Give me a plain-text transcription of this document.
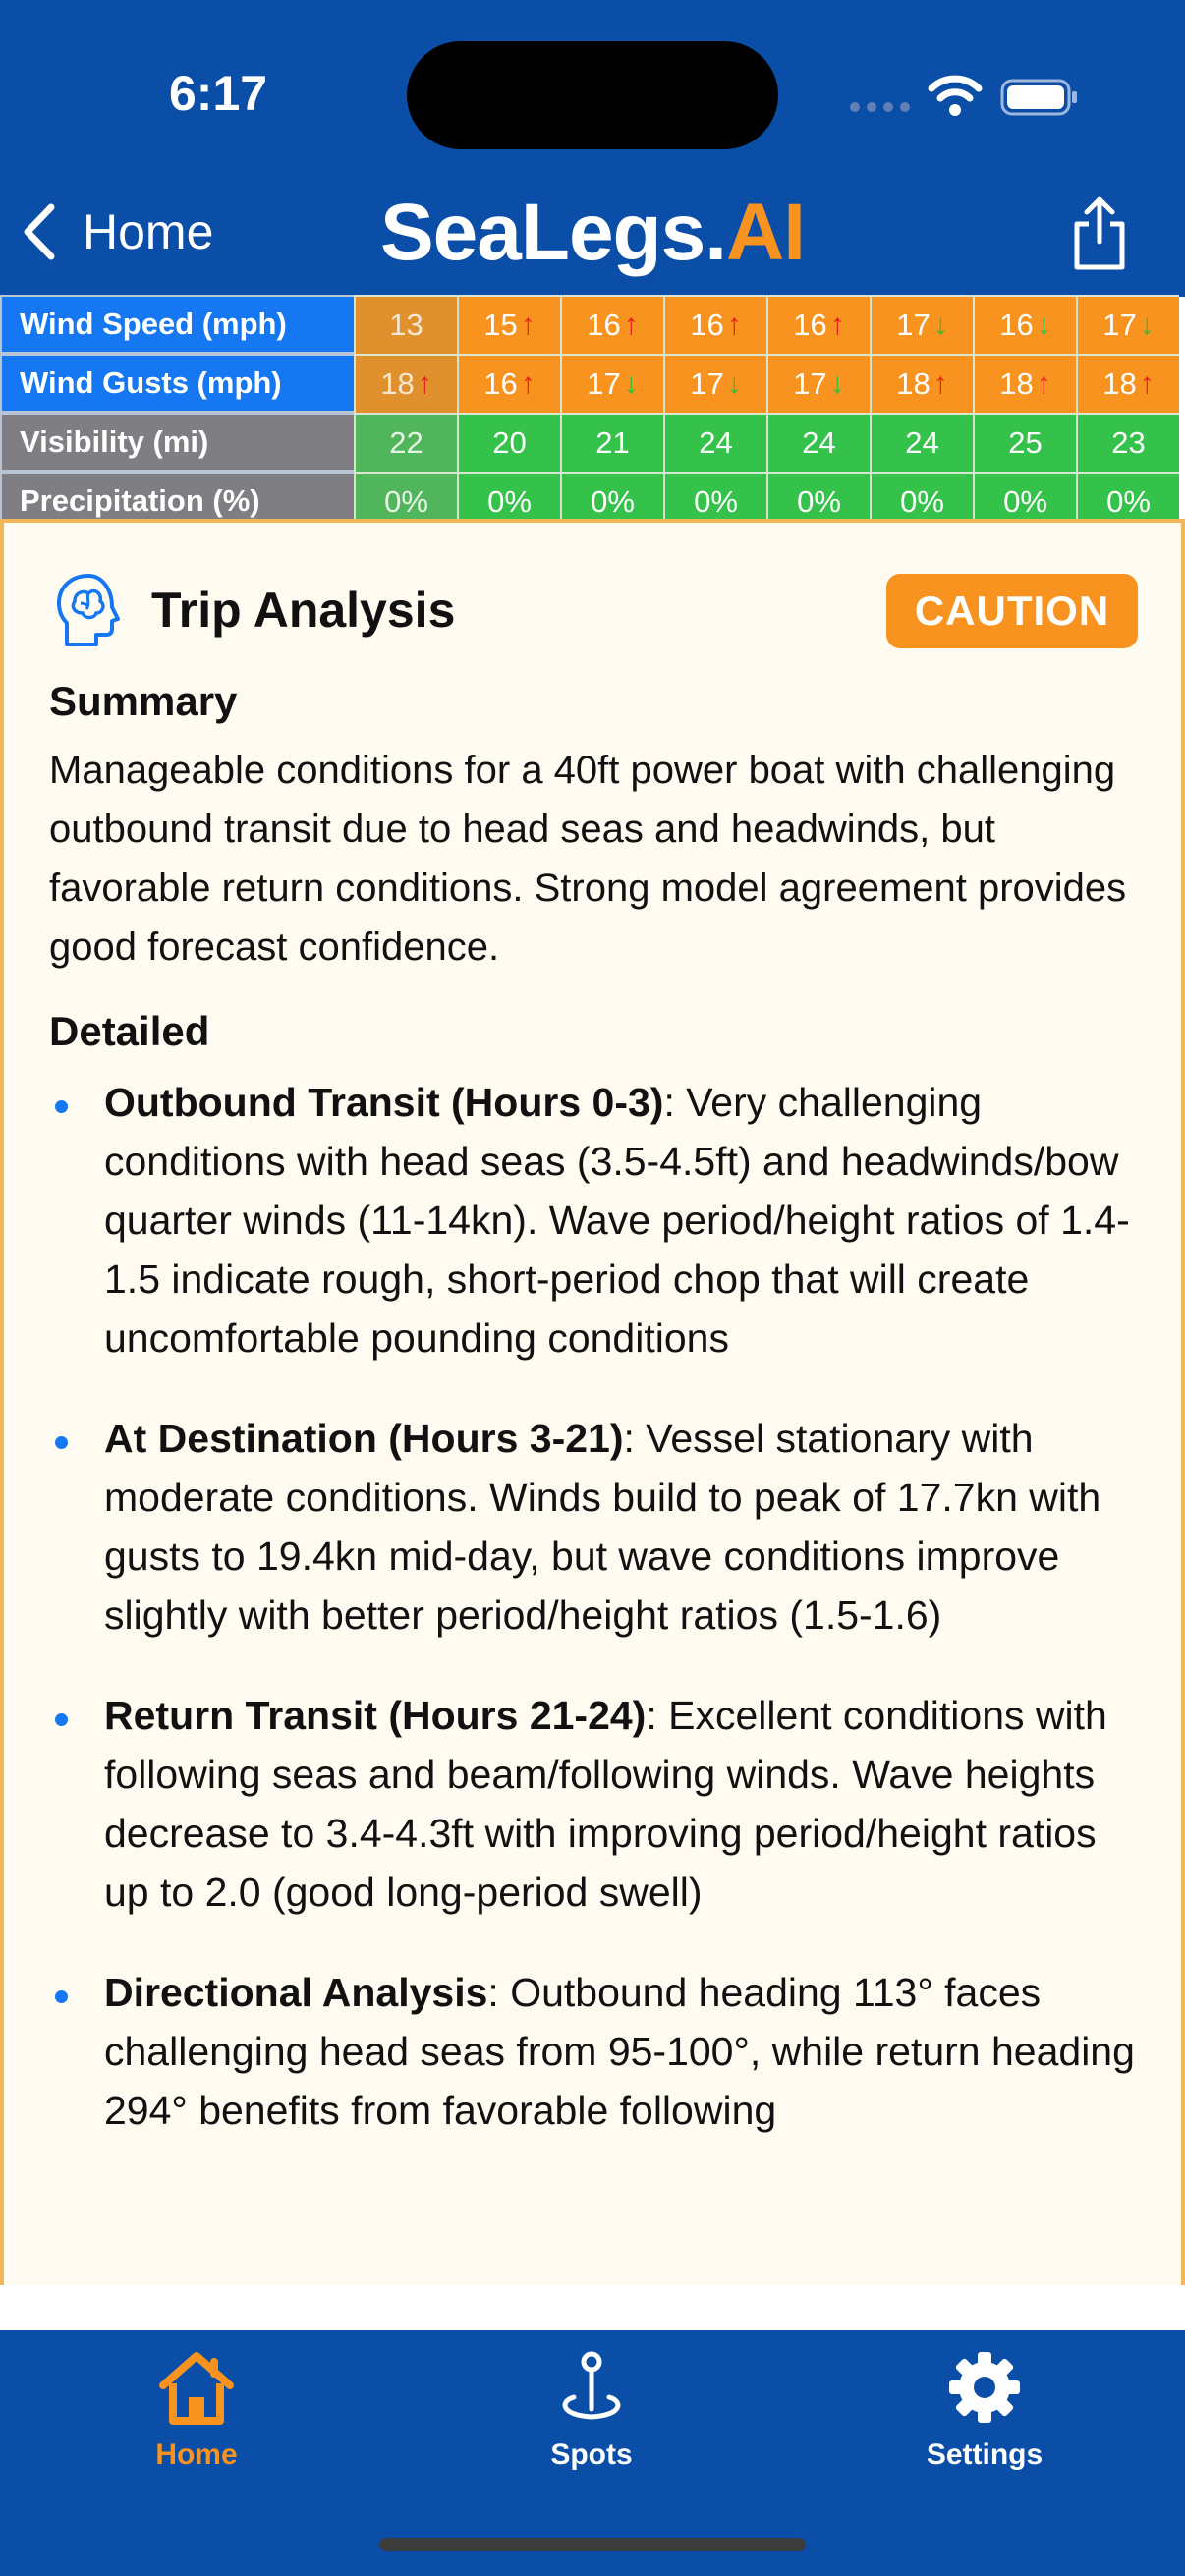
6:17
Home	SeaLegs.AI
Wind Speed (mph)	13 15 ↑ 16 ↑ 16 ↑ 16 ↑ 17 ↓ 16 ↓ 17 ↓
Wind Gusts (mph)	18 ↑ 16 ↑ 17 ↓ 17 ↓ 17 ↓ 18 ↑ 18 ↑ 18 ↑
Visibility (mi)	22 20 21 24 24 24 25 23
Precipitation (%)	0% 0% 0% 0% 0% 0% 0% 0%
Trip Analysis	CAUTION
Summary
Manageable conditions for a 40ft power boat with challenging outbound transit due to head seas and headwinds, but favorable return conditions. Strong model agreement provides good forecast confidence.
Detailed
Outbound Transit (Hours 0-3): Very challenging conditions with head seas (3.5-4.5ft) and headwinds/bow quarter winds (11-14kn). Wave period/height ratios of 1.4-1.5 indicate rough, short-period chop that will create uncomfortable pounding conditions
At Destination (Hours 3-21): Vessel stationary with moderate conditions. Winds build to peak of 17.7kn with gusts to 19.4kn mid-day, but wave conditions improve slightly with better period/height ratios (1.5-1.6)
Return Transit (Hours 21-24): Excellent conditions with following seas and beam/following winds. Wave heights decrease to 3.4-4.3ft with improving period/height ratios up to 2.0 (good long-period swell)
Directional Analysis: Outbound heading 113° faces challenging head seas from 95-100°, while return heading 294° benefits from favorable following
Home	Spots	Settings
